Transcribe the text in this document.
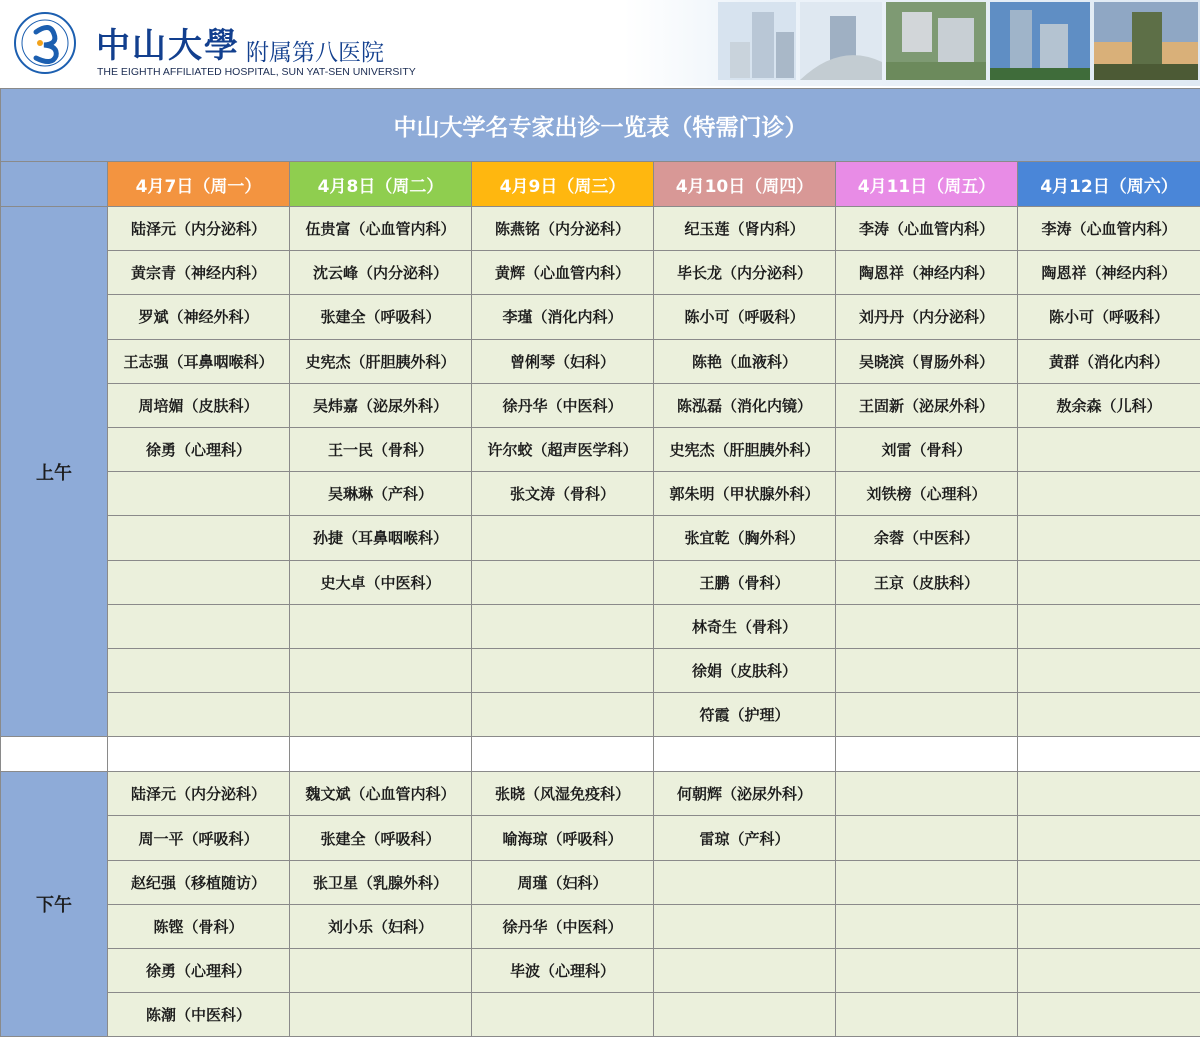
中山大學 附属第八医院
THE EIGHTH AFFILIATED HOSPITAL, SUN YAT-SEN UNIVERSITY
中山大学名专家出诊一览表（特需门诊）						
	4月7日（周一）	4月8日（周二）	4月9日（周三）	4月10日（周四）	4月11日（周五）	4月12日（周六）
上午	陆泽元（内分泌科）	伍贵富（心血管内科）	陈燕铭（内分泌科）	纪玉莲（肾内科）	李涛（心血管内科）	李涛（心血管内科）
	黄宗青（神经内科）	沈云峰（内分泌科）	黄辉（心血管内科）	毕长龙（内分泌科）	陶恩祥（神经内科）	陶恩祥（神经内科）
	罗斌（神经外科）	张建全（呼吸科）	李瑾（消化内科）	陈小可（呼吸科）	刘丹丹（内分泌科）	陈小可（呼吸科）
	王志强（耳鼻咽喉科）	史宪杰（肝胆胰外科）	曾俐琴（妇科）	陈艳（血液科）	吴晓滨（胃肠外科）	黄群（消化内科）
	周培媚（皮肤科）	吴炜嘉（泌尿外科）	徐丹华（中医科）	陈泓磊（消化内镜）	王固新（泌尿外科）	敖余森（儿科）
	徐勇（心理科）	王一民（骨科）	许尔蛟（超声医学科）	史宪杰（肝胆胰外科）	刘雷（骨科）	
		吴琳琳（产科）	张文涛（骨科）	郭朱明（甲状腺外科）	刘铁榜（心理科）	
		孙捷（耳鼻咽喉科）		张宜乾（胸外科）	余蓉（中医科）	
		史大卓（中医科）		王鹏（骨科）	王京（皮肤科）	
				林奇生（骨科）		
				徐娟（皮肤科）		
				符霞（护理）		

下午	陆泽元（内分泌科）	魏文斌（心血管内科）	张晓（风湿免疫科）	何朝辉（泌尿外科）		
	周一平（呼吸科）	张建全（呼吸科）	喻海琼（呼吸科）	雷琼（产科）		
	赵纪强（移植随访）	张卫星（乳腺外科）	周瑾（妇科）			
	陈铿（骨科）	刘小乐（妇科）	徐丹华（中医科）			
	徐勇（心理科）		毕波（心理科）			
	陈潮（中医科）					
